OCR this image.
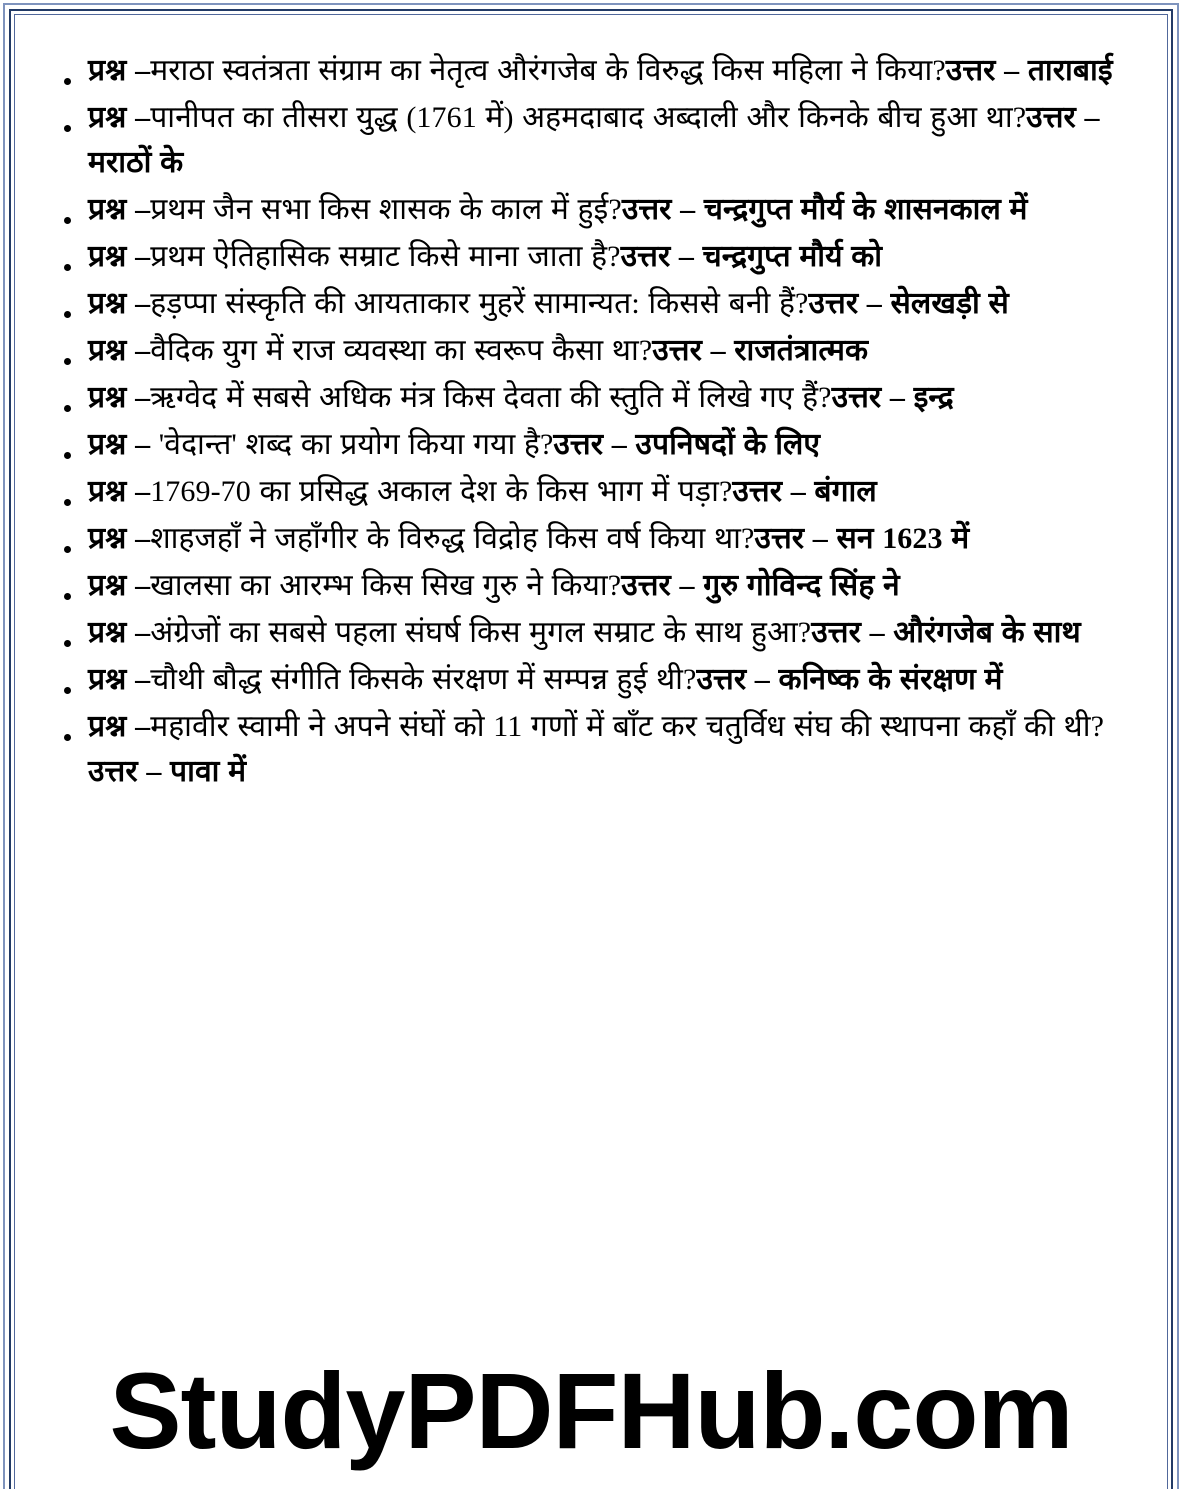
प्रश्न –मराठा स्वतंत्रता संग्राम का नेतृत्व औरंगजेब के विरुद्ध किस महिला ने किया?उत्तर – ताराबाई
प्रश्न –पानीपत का तीसरा युद्ध (1761 में) अहमदाबाद अब्दाली और किनके बीच हुआ था?उत्तर – मराठों के
प्रश्न –प्रथम जैन सभा किस शासक के काल में हुई?उत्तर – चन्द्रगुप्त मौर्य के शासनकाल में
प्रश्न –प्रथम ऐतिहासिक सम्राट किसे माना जाता है?उत्तर – चन्द्रगुप्त मौर्य को
प्रश्न –हड़प्पा संस्कृति की आयताकार मुहरें सामान्यत: किससे बनी हैं?उत्तर – सेलखड़ी से
प्रश्न –वैदिक युग में राज व्यवस्था का स्वरूप कैसा था?उत्तर – राजतंत्रात्मक
प्रश्न –ऋग्वेद में सबसे अधिक मंत्र किस देवता की स्तुति में लिखे गए हैं?उत्तर – इन्द्र
प्रश्न – 'वेदान्त' शब्द का प्रयोग किया गया है?उत्तर – उपनिषदों के लिए
प्रश्न –1769-70 का प्रसिद्ध अकाल देश के किस भाग में पड़ा?उत्तर – बंगाल
प्रश्न –शाहजहाँ ने जहाँगीर के विरुद्ध विद्रोह किस वर्ष किया था?उत्तर – सन 1623 में
प्रश्न –खालसा का आरम्भ किस सिख गुरु ने किया?उत्तर – गुरु गोविन्द सिंह ने
प्रश्न –अंग्रेजों का सबसे पहला संघर्ष किस मुगल सम्राट के साथ हुआ?उत्तर – औरंगजेब के साथ
प्रश्न –चौथी बौद्ध संगीति किसके संरक्षण में सम्पन्न हुई थी?उत्तर – कनिष्क के संरक्षण में
प्रश्न –महावीर स्वामी ने अपने संघों को 11 गणों में बाँट कर चतुर्विध संघ की स्थापना कहाँ की थी?उत्तर – पावा में
StudyPDFHub.com
